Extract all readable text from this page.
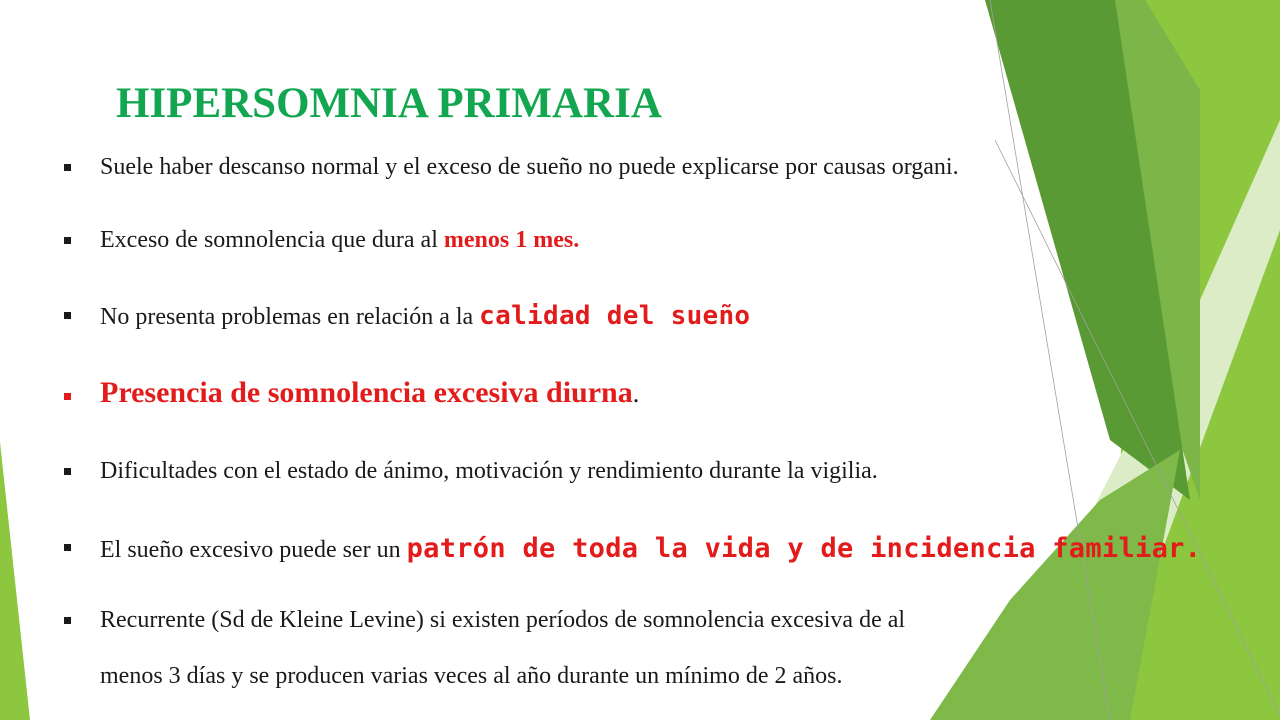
HIPERSOMNIA PRIMARIA
Suele haber descanso normal y el exceso de sueño no puede explicarse por causas organi.
Exceso de somnolencia que dura al menos 1 mes.
No presenta problemas en relación a la calidad del sueño
Presencia de somnolencia excesiva diurna.
Dificultades con el estado de ánimo, motivación y rendimiento durante la vigilia.
El sueño excesivo puede ser un patrón de toda la vida y de incidencia familiar.
Recurrente (Sd de Kleine Levine) si existen períodos de somnolencia excesiva de al
menos 3 días y se producen varias veces al año durante un mínimo de 2 años.
